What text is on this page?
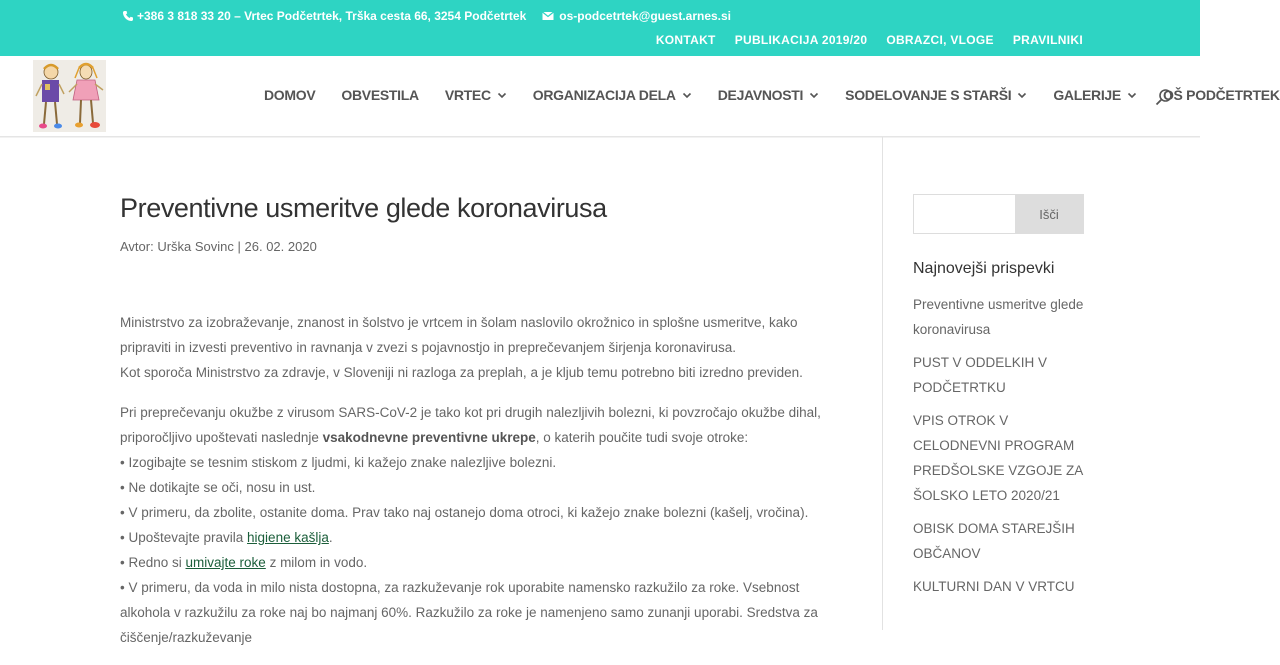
+386 3 818 33 20 – Vrtec Podčetrtek, Trška cesta 66, 3254 Podčetrtek	os-podcetrtek@guest.arnes.si
KONTAKT PUBLIKACIJA 2019/20 OBRAZCI, VLOGE PRAVILNIKI
DOMOV OBVESTILA VRTEC	ORGANIZACIJA DELA	DEJAVNOSTI	SODELOVANJE S STARŠI	GALERIJE	OŠ PODČETRTEK
Preventivne usmeritve glede koronavirusa
Avtor: Urška Sovinc | 26. 02. 2020

Ministrstvo za izobraževanje, znanost in šolstvo je vrtcem in šolam naslovilo okrožnico in splošne usmeritve, kako pripraviti in izvesti preventivo in ravnanja v zvezi s pojavnostjo in preprečevanjem širjenja koronavirusa.
Kot sporoča Ministrstvo za zdravje, v Sloveniji ni razloga za preplah, a je kljub temu potrebno biti izredno previden.

Pri preprečevanju okužbe z virusom SARS-CoV-2 je tako kot pri drugih nalezljivih bolezni, ki povzročajo okužbe dihal, priporočljivo upoštevati naslednje vsakodnevne preventivne ukrepe, o katerih poučite tudi svoje otroke:
• Izogibajte se tesnim stiskom z ljudmi, ki kažejo znake nalezljive bolezni.
• Ne dotikajte se oči, nosu in ust.
• V primeru, da zbolite, ostanite doma. Prav tako naj ostanejo doma otroci, ki kažejo znake bolezni (kašelj, vročina).
• Upoštevajte pravila higiene kašlja.
• Redno si umivajte roke z milom in vodo.
• V primeru, da voda in milo nista dostopna, za razkuževanje rok uporabite namensko razkužilo za roke. Vsebnost alkohola v razkužilu za roke naj bo najmanj 60%. Razkužilo za roke je namenjeno samo zunanji uporabi. Sredstva za čiščenje/razkuževanje

Išči
Najnovejši prispevki
Preventivne usmeritve glede koronavirusa
PUST V ODDELKIH V PODČETRTKU
VPIS OTROK V CELODNEVNI PROGRAM PREDŠOLSKE VZGOJE ZA ŠOLSKO LETO 2020/21
OBISK DOMA STAREJŠIH OBČANOV
KULTURNI DAN V VRTCU
